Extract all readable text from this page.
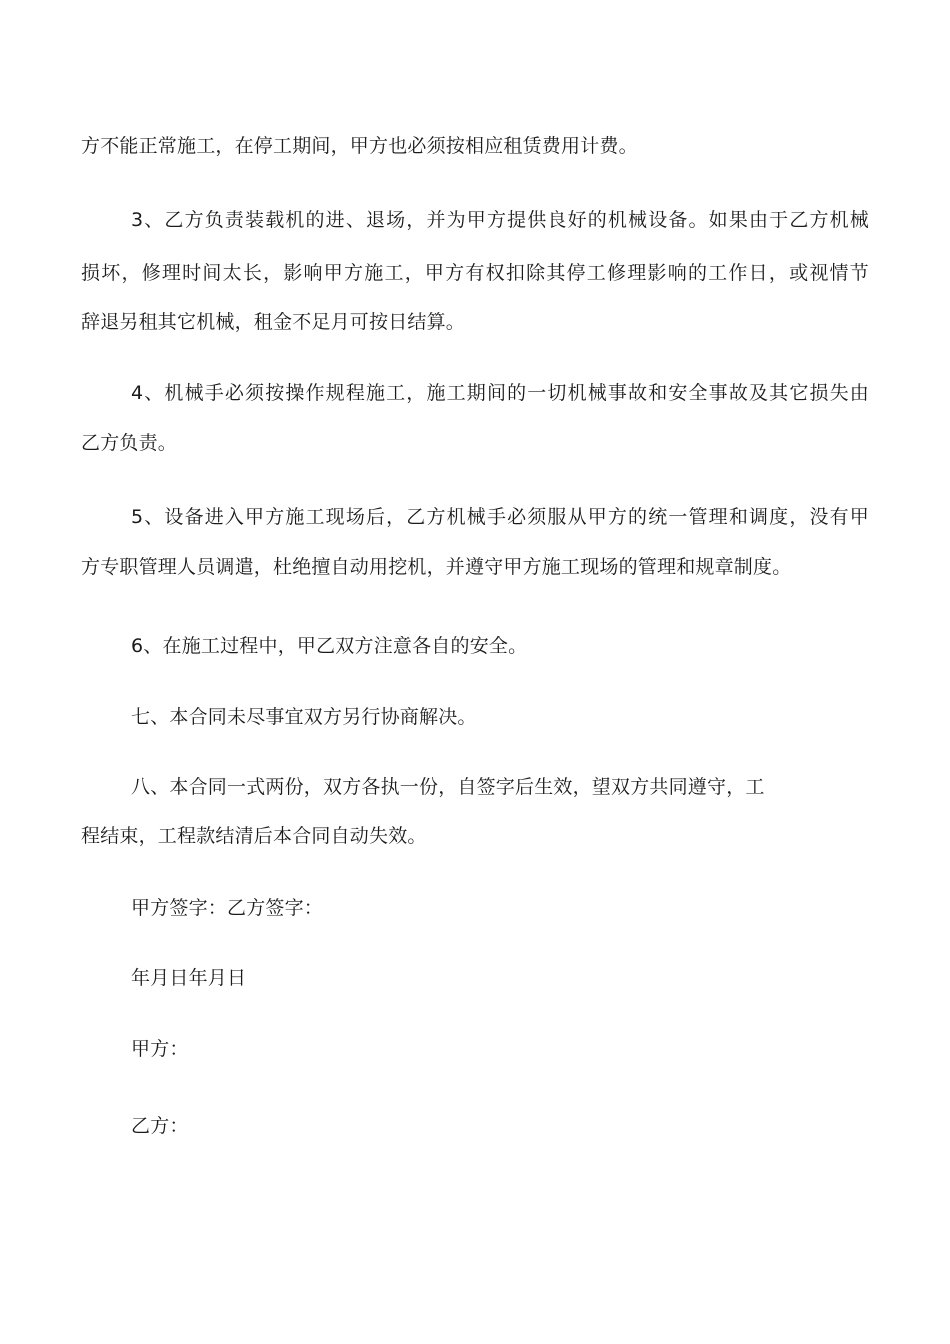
方不能正常施工，在停工期间，甲方也必须按相应租赁费用计费。
3、乙方负责装载机的进、退场，并为甲方提供良好的机械设备。如果由于乙方机械
损坏，修理时间太长，影响甲方施工，甲方有权扣除其停工修理影响的工作日，或视情节
辞退另租其它机械，租金不足月可按日结算。
4、机械手必须按操作规程施工，施工期间的一切机械事故和安全事故及其它损失由
乙方负责。
5、设备进入甲方施工现场后，乙方机械手必须服从甲方的统一管理和调度，没有甲
方专职管理人员调遣，杜绝擅自动用挖机，并遵守甲方施工现场的管理和规章制度。
6、在施工过程中，甲乙双方注意各自的安全。
七、本合同未尽事宜双方另行协商解决。
八、本合同一式两份，双方各执一份，自签字后生效，望双方共同遵守，工
程结束，工程款结清后本合同自动失效。
甲方签字：乙方签字：
年月日年月日
甲方：
乙方：
